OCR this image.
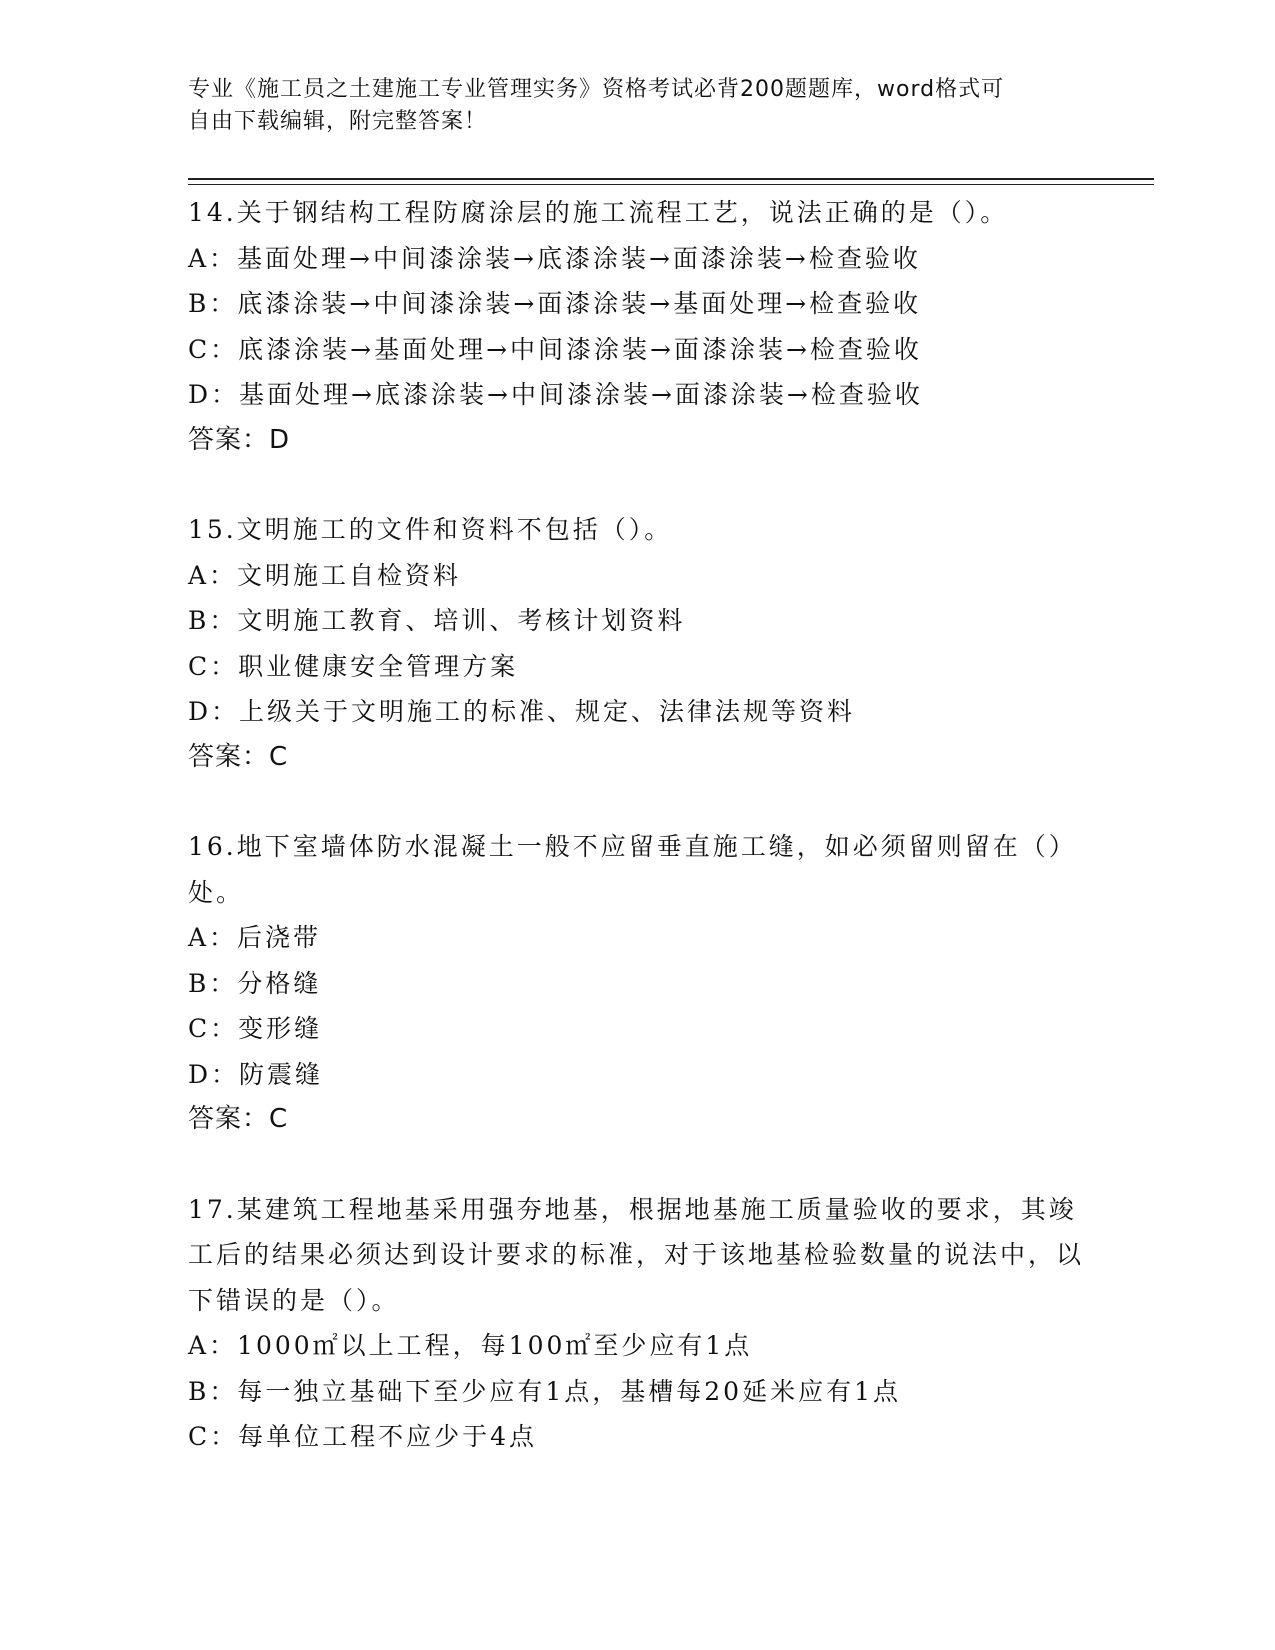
专业《施工员之土建施工专业管理实务》资格考试必背200题题库，word格式可
自由下载编辑，附完整答案！
14.关于钢结构工程防腐涂层的施工流程工艺，说法正确的是（）。
A：基面处理→中间漆涂装→底漆涂装→面漆涂装→检查验收
B：底漆涂装→中间漆涂装→面漆涂装→基面处理→检查验收
C：底漆涂装→基面处理→中间漆涂装→面漆涂装→检查验收
D：基面处理→底漆涂装→中间漆涂装→面漆涂装→检查验收
答案：D
15.文明施工的文件和资料不包括（）。
A：文明施工自检资料
B：文明施工教育、培训、考核计划资料
C：职业健康安全管理方案
D：上级关于文明施工的标准、规定、法律法规等资料
答案：C
16.地下室墙体防水混凝土一般不应留垂直施工缝，如必须留则留在（）处。
A：后浇带
B：分格缝
C：变形缝
D：防震缝
答案：C
17.某建筑工程地基采用强夯地基，根据地基施工质量验收的要求，其竣工后的结果必须达到设计要求的标准，对于该地基检验数量的说法中，以下错误的是（）。
A：1000㎡以上工程，每100㎡至少应有1点
B：每一独立基础下至少应有1点，基槽每20延米应有1点
C：每单位工程不应少于4点
